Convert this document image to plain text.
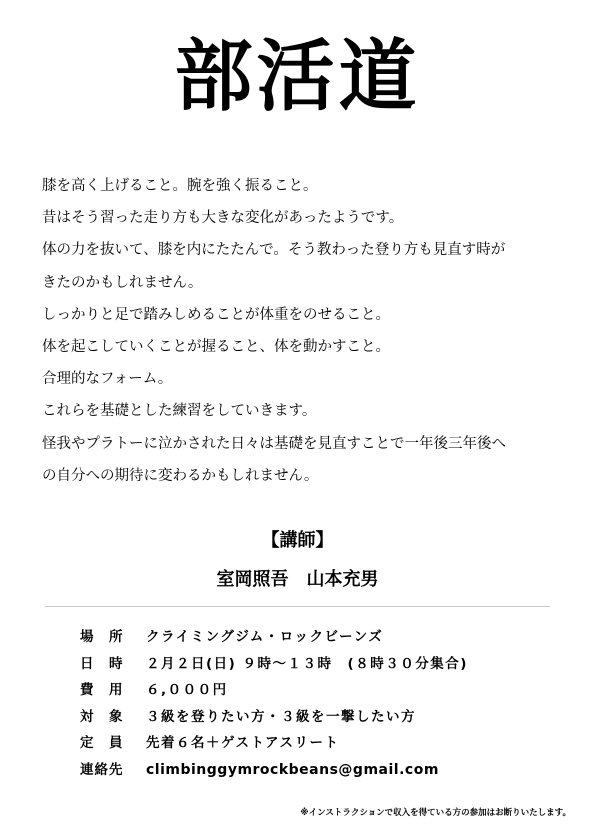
部活道
膝を高く上げること。腕を強く振ること。
昔はそう習った走り方も大きな変化があったようです。
体の力を抜いて、膝を内にたたんで。そう教わった登り方も見直す時が
きたのかもしれません。
しっかりと足で踏みしめることが体重をのせること。
体を起こしていくことが握ること、体を動かすこと。
合理的なフォーム。
これらを基礎とした練習をしていきます。
怪我やプラトーに泣かされた日々は基礎を見直すことで一年後三年後へ
の自分への期待に変わるかもしれません。
【講師】
室岡照吾　山本充男
場　所	クライミングジム・ロックビーンズ
日　時	２月２日(日) ９時～１３時　(８時３０分集合)
費　用	６,０００円
対　象	３級を登りたい方・３級を一撃したい方
定　員	先着６名＋ゲストアスリート
連絡先	climbinggymrockbeans@gmail.com
※インストラクションで収入を得ている方の参加はお断りいたします。
